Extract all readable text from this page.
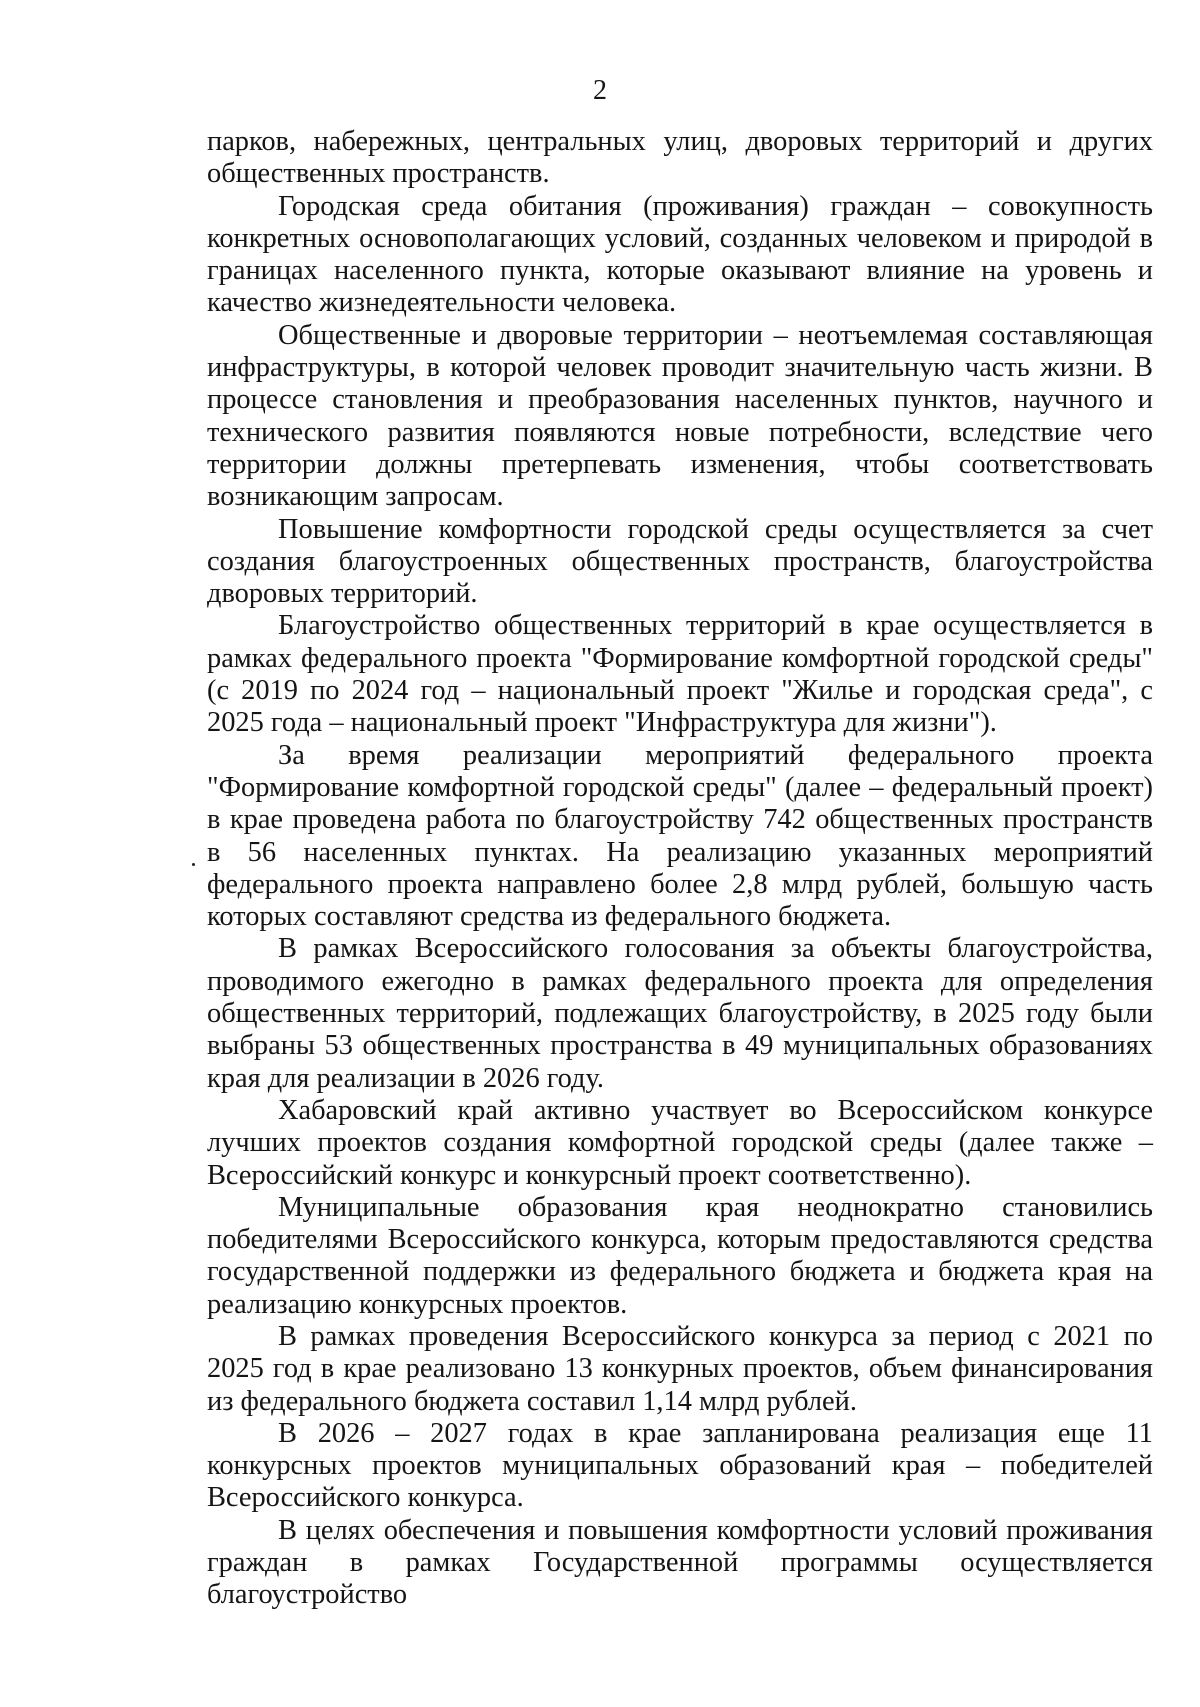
2

парков, набережных, центральных улиц, дворовых территорий и других общественных пространств.

Городская среда обитания (проживания) граждан – совокупность конкретных основополагающих условий, созданных человеком и природой в границах населенного пункта, которые оказывают влияние на уровень и качество жизнедеятельности человека.

Общественные и дворовые территории – неотъемлемая составляющая инфраструктуры, в которой человек проводит значительную часть жизни. В процессе становления и преобразования населенных пунктов, научного и технического развития появляются новые потребности, вследствие чего территории должны претерпевать изменения, чтобы соответствовать возникающим запросам.

Повышение комфортности городской среды осуществляется за счет создания благоустроенных общественных пространств, благоустройства дворовых территорий.

Благоустройство общественных территорий в крае осуществляется в рамках федерального проекта "Формирование комфортной городской среды" (с 2019 по 2024 год – национальный проект "Жилье и городская среда", с 2025 года – национальный проект "Инфраструктура для жизни").

За время реализации мероприятий федерального проекта "Формирование комфортной городской среды" (далее – федеральный проект) в крае проведена работа по благоустройству 742 общественных пространств в 56 населенных пунктах. На реализацию указанных мероприятий федерального проекта направлено более 2,8 млрд рублей, большую часть которых составляют средства из федерального бюджета.

В рамках Всероссийского голосования за объекты благоустройства, проводимого ежегодно в рамках федерального проекта для определения общественных территорий, подлежащих благоустройству, в 2025 году были выбраны 53 общественных пространства в 49 муниципальных образованиях края для реализации в 2026 году.

Хабаровский край активно участвует во Всероссийском конкурсе лучших проектов создания комфортной городской среды (далее также – Всероссийский конкурс и конкурсный проект соответственно).

Муниципальные образования края неоднократно становились победителями Всероссийского конкурса, которым предоставляются средства государственной поддержки из федерального бюджета и бюджета края на реализацию конкурсных проектов.

В рамках проведения Всероссийского конкурса за период с 2021 по 2025 год в крае реализовано 13 конкурных проектов, объем финансирования из федерального бюджета составил 1,14 млрд рублей.

В 2026 – 2027 годах в крае запланирована реализация еще 11 конкурсных проектов муниципальных образований края – победителей Всероссийского конкурса.

В целях обеспечения и повышения комфортности условий проживания граждан в рамках Государственной программы осуществляется благоустройство
